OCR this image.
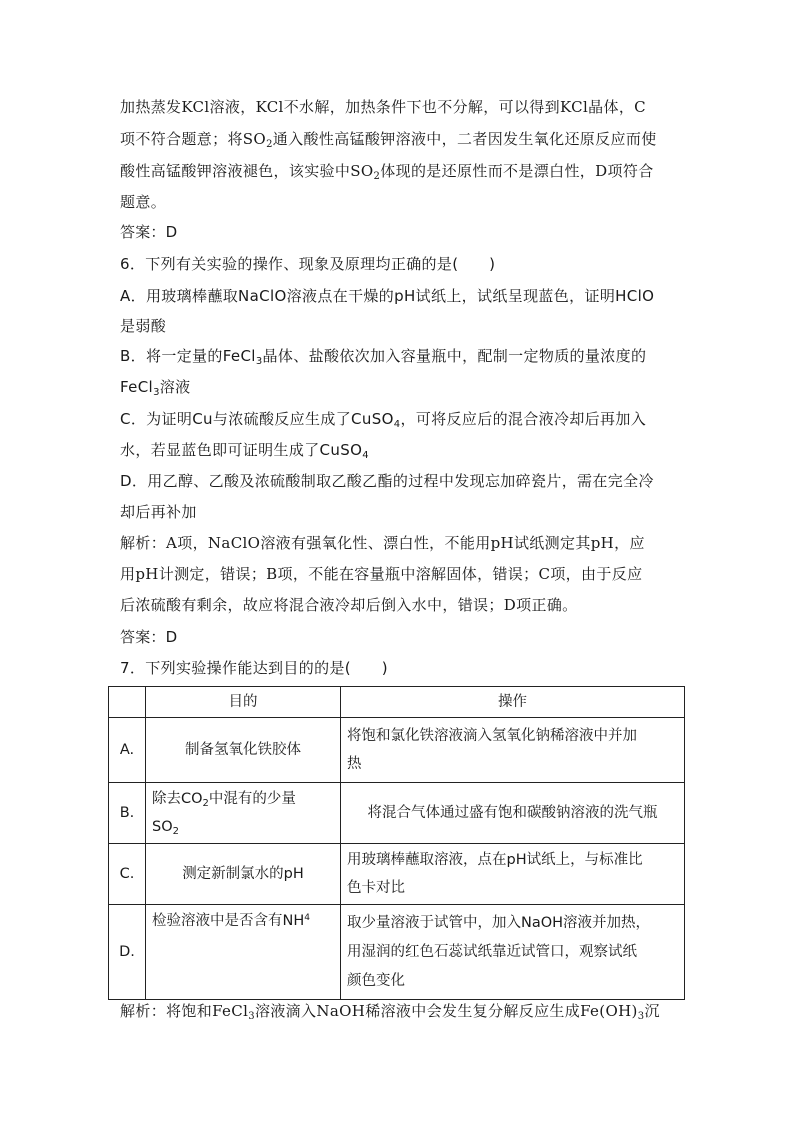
加热蒸发KCl溶液，KCl不水解，加热条件下也不分解，可以得到KCl晶体，C
项不符合题意；将$SO_2$通入酸性高锰酸钾溶液中，二者因发生氧化还原反应而使
酸性高锰酸钾溶液褪色，该实验中$SO_2$体现的是还原性而不是漂白性，D项符合
题意。
答案：D
6．下列有关实验的操作、现象及原理均正确的是(　　)
A．用玻璃棒蘸取NaClO溶液点在干燥的pH试纸上，试纸呈现蓝色，证明HClO
是弱酸
B．将一定量的FeCl$_3$晶体、盐酸依次加入容量瓶中，配制一定物质的量浓度的
FeCl$_3$溶液
C．为证明Cu与浓硫酸反应生成了CuSO$_4$，可将反应后的混合液冷却后再加入
水，若显蓝色即可证明生成了CuSO$_4$
D．用乙醇、乙酸及浓硫酸制取乙酸乙酯的过程中发现忘加碎瓷片，需在完全冷
却后再补加
解析：A项，NaClO溶液有强氧化性、漂白性，不能用pH试纸测定其pH，应
用pH计测定，错误；B项，不能在容量瓶中溶解固体，错误；C项，由于反应
后浓硫酸有剩余，故应将混合液冷却后倒入水中，错误；D项正确。
答案：D
7．下列实验操作能达到目的的是(　　)
	目的	操作
A.	制备氢氧化铁胶体	将饱和氯化铁溶液滴入氢氧化钠稀溶液中并加
热
B.	除去$CO_2$中混有的少量
$SO_2$	将混合气体通过盛有饱和碳酸钠溶液的洗气瓶
C.	测定新制氯水的pH	用玻璃棒蘸取溶液，点在pH试纸上，与标准比
色卡对比
D.	检验溶液中是否含有$NH^4$	取少量溶液于试管中，加入NaOH溶液并加热，
用湿润的红色石蕊试纸靠近试管口，观察试纸
颜色变化
解析：将饱和FeCl$_3$溶液滴入NaOH稀溶液中会发生复分解反应生成$Fe(OH)_3$沉
